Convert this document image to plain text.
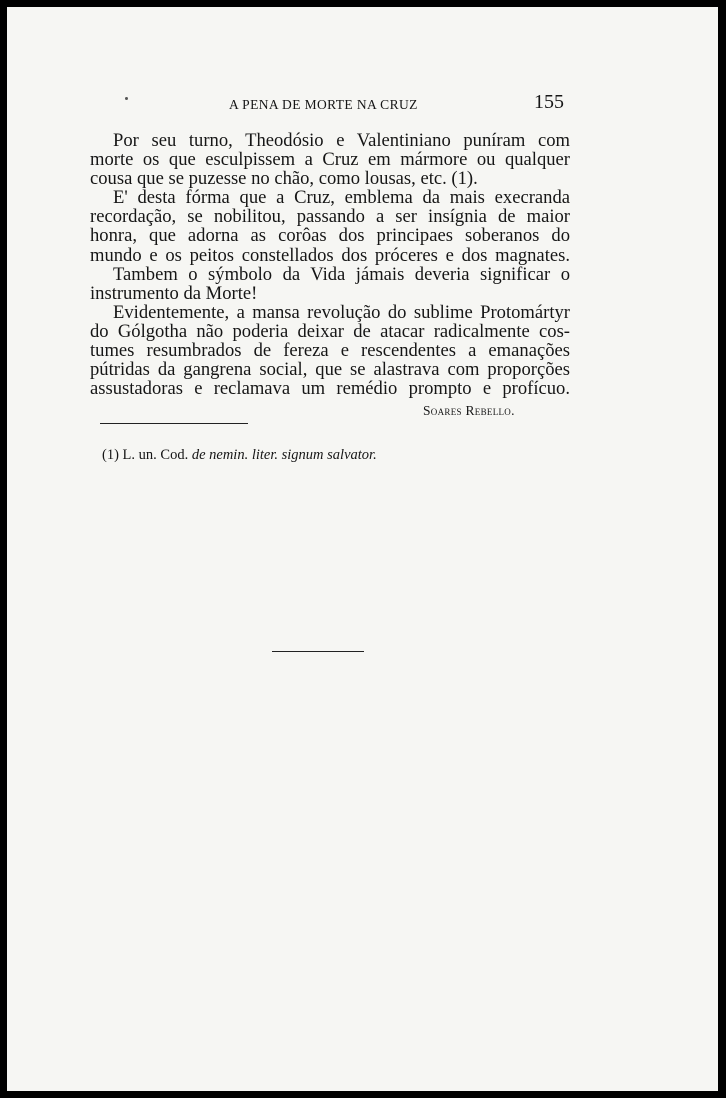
A PENA DE MORTE NA CRUZ	155
Por seu turno, Theodósio e Valentiniano puníram com
morte os que esculpissem a Cruz em mármore ou qualquer
cousa que se puzesse no chão, como lousas, etc. (1).
E' desta fórma que a Cruz, emblema da mais execranda
recordação, se nobilitou, passando a ser insígnia de maior
honra, que adorna as corôas dos principaes soberanos do
mundo e os peitos constellados dos próceres e dos magnates.
Tambem o sýmbolo da Vida jámais deveria significar o
instrumento da Morte!
Evidentemente, a mansa revolução do sublime Protomártyr
do Gólgotha não poderia deixar de atacar radicalmente cos-
tumes resumbrados de fereza e rescendentes a emanações
pútridas da gangrena social, que se alastrava com proporções
assustadoras e reclamava um remédio prompto e profícuo.
Soares Rebello.
(1) L. un. Cod. de nemin. liter. signum salvator.
